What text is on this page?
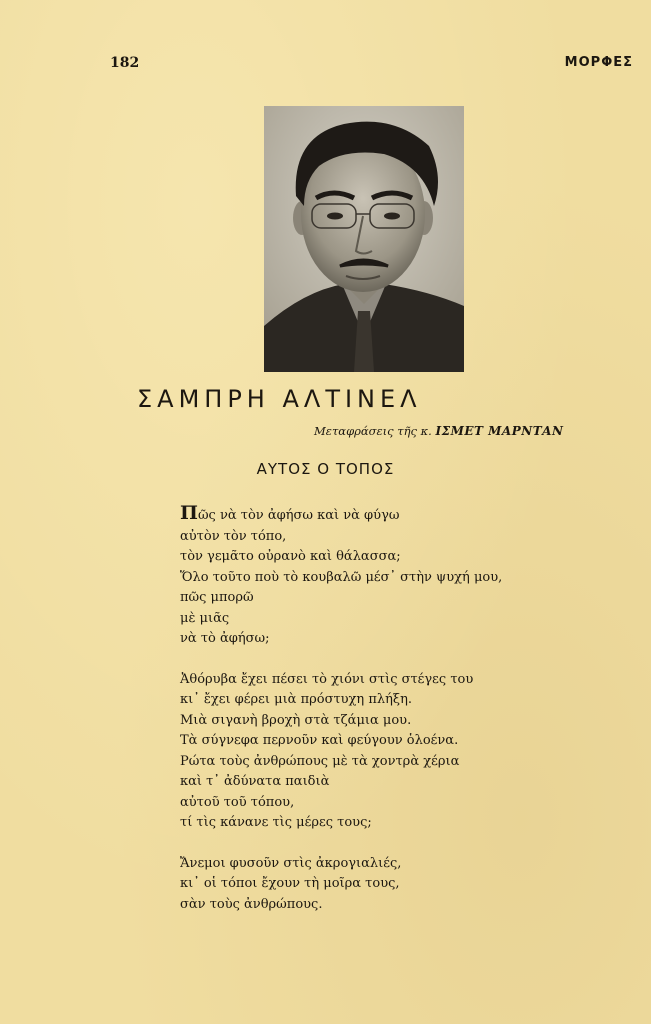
182	ΜΟΡΦΕΣ
ΣΑΜΠΡΗ ΑΛΤΙΝΕΛ
Μεταφράσεις τῆς κ. ΙΣΜΕΤ ΜΑΡΝΤΑΝ
ΑΥΤΟΣ Ο ΤΟΠΟΣ
Πῶς νὰ τὸν ἀφήσω καὶ νὰ φύγω
αὐτὸν τὸν τόπο,
τὸν γεμᾶτο οὐρανὸ καὶ θάλασσα;
Ὅλο τοῦτο ποὺ τὸ κουβαλῶ μέσ᾽ στὴν ψυχή μου,
πῶς μπορῶ
μὲ μιᾶς
νὰ τὸ ἀφήσω;
Ἀθόρυβα ἔχει πέσει τὸ χιόνι στὶς στέγες του
κι᾽ ἔχει φέρει μιὰ πρόστυχη πλήξη.
Μιὰ σιγανὴ βροχὴ στὰ τζάμια μου.
Τὰ σύγνεφα περνοῦν καὶ φεύγουν ὁλοένα.
Ρώτα τοὺς ἀνθρώπους μὲ τὰ χοντρὰ χέρια
καὶ τ᾽ ἀδύνατα παιδιὰ
αὐτοῦ τοῦ τόπου,
τί τὶς κάνανε τὶς μέρες τους;
Ἄνεμοι φυσοῦν στὶς ἀκρογιαλιές,
κι᾽ οἱ τόποι ἔχουν τὴ μοῖρα τους,
σὰν τοὺς ἀνθρώπους.
